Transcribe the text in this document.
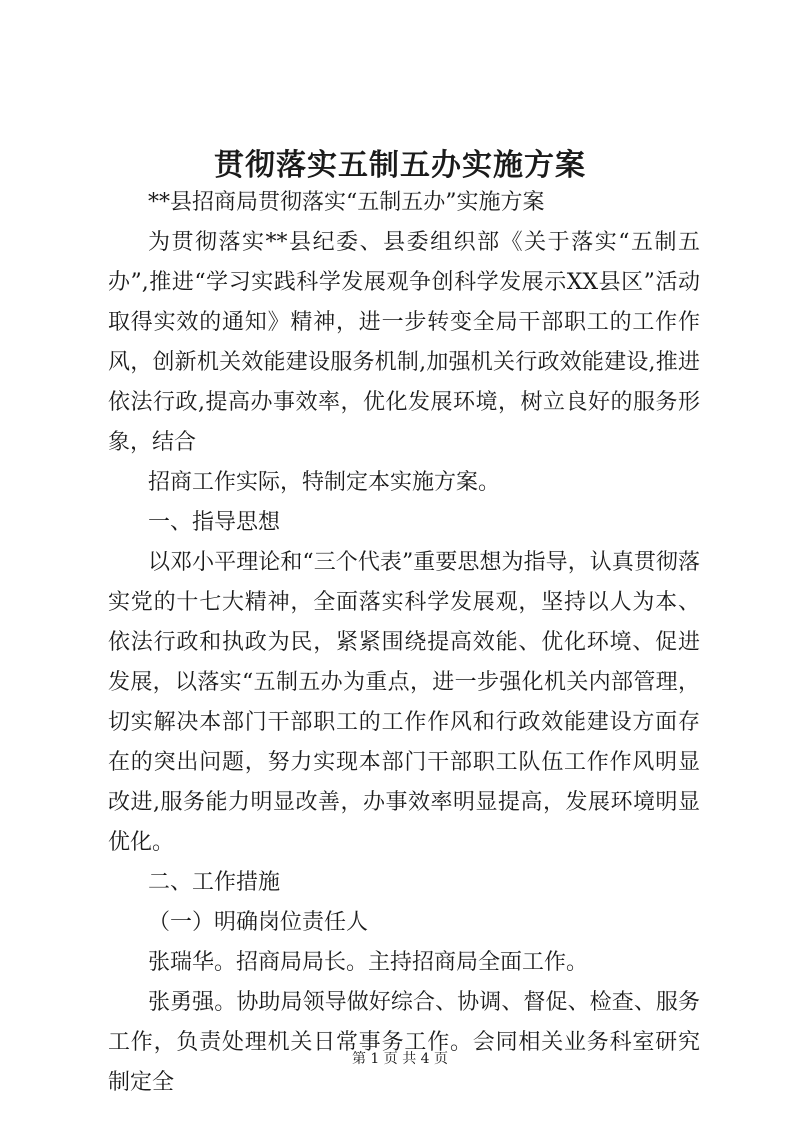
贯彻落实五制五办实施方案

**县招商局贯彻落实“五制五办”实施方案

为贯彻落实**县纪委、县委组织部《关于落实“五制五办”,推进“学习实践科学发展观争创科学发展示XX县区”活动取得实效的通知》精神，进一步转变全局干部职工的工作作风，创新机关效能建设服务机制,加强机关行政效能建设,推进依法行政,提高办事效率，优化发展环境，树立良好的服务形象，结合

招商工作实际，特制定本实施方案。

一、指导思想

以邓小平理论和“三个代表”重要思想为指导，认真贯彻落实党的十七大精神，全面落实科学发展观，坚持以人为本、依法行政和执政为民，紧紧围绕提高效能、优化环境、促进发展，以落实“五制五办为重点，进一步强化机关内部管理，切实解决本部门干部职工的工作作风和行政效能建设方面存在的突出问题，努力实现本部门干部职工队伍工作作风明显改进,服务能力明显改善，办事效率明显提高，发展环境明显优化。

二、工作措施

（一）明确岗位责任人

张瑞华。招商局局长。主持招商局全面工作。

张勇强。协助局领导做好综合、协调、督促、检查、服务工作，负责处理机关日常事务工作。会同相关业务科室研究制定全

第 1 页 共 4 页
